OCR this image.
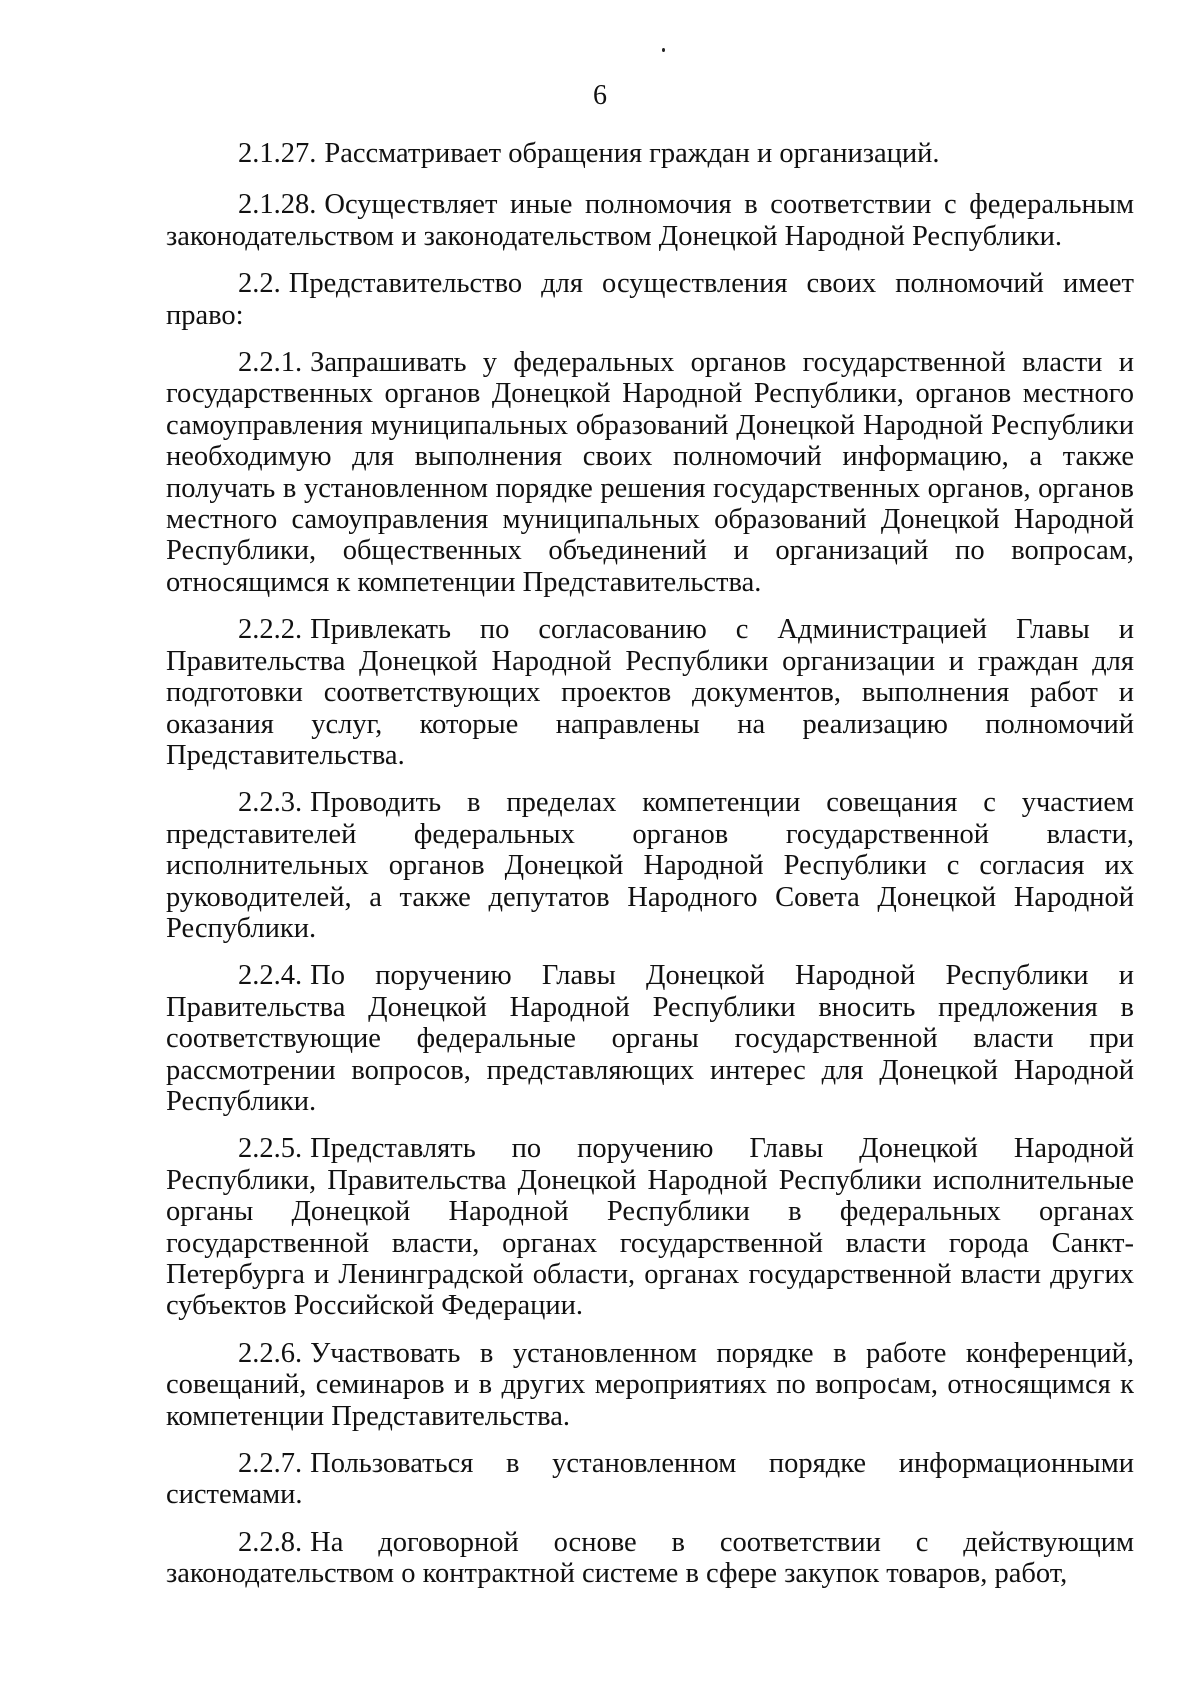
6

2.1.27. Рассматривает обращения граждан и организаций.

2.1.28. Осуществляет иные полномочия в соответствии с федеральным законодательством и законодательством Донецкой Народной Республики.

2.2. Представительство для осуществления своих полномочий имеет право:

2.2.1. Запрашивать у федеральных органов государственной власти и государственных органов Донецкой Народной Республики, органов местного самоуправления муниципальных образований Донецкой Народной Республики необходимую для выполнения своих полномочий информацию, а также получать в установленном порядке решения государственных органов, органов местного самоуправления муниципальных образований Донецкой Народной Республики, общественных объединений и организаций по вопросам, относящимся к компетенции Представительства.

2.2.2. Привлекать по согласованию с Администрацией Главы и Правительства Донецкой Народной Республики организации и граждан для подготовки соответствующих проектов документов, выполнения работ и оказания услуг, которые направлены на реализацию полномочий Представительства.

2.2.3. Проводить в пределах компетенции совещания с участием представителей федеральных органов государственной власти, исполнительных органов Донецкой Народной Республики с согласия их руководителей, а также депутатов Народного Совета Донецкой Народной Республики.

2.2.4. По поручению Главы Донецкой Народной Республики и Правительства Донецкой Народной Республики вносить предложения в соответствующие федеральные органы государственной власти при рассмотрении вопросов, представляющих интерес для Донецкой Народной Республики.

2.2.5. Представлять по поручению Главы Донецкой Народной Республики, Правительства Донецкой Народной Республики исполнительные органы Донецкой Народной Республики в федеральных органах государственной власти, органах государственной власти города Санкт-Петербурга и Ленинградской области, органах государственной власти других субъектов Российской Федерации.

2.2.6. Участвовать в установленном порядке в работе конференций, совещаний, семинаров и в других мероприятиях по вопросам, относящимся к компетенции Представительства.

2.2.7. Пользоваться в установленном порядке информационными системами.

2.2.8. На договорной основе в соответствии с действующим законодательством о контрактной системе в сфере закупок товаров, работ,
